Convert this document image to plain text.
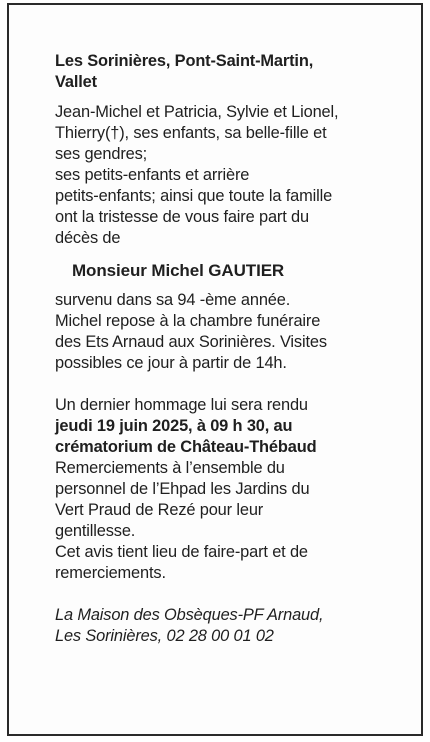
Les Sorinières, Pont-Saint-Martin,
Vallet

Jean-Michel et Patricia, Sylvie et Lionel,
Thierry(†), ses enfants, sa belle-fille et
ses gendres;
ses petits-enfants et arrière
petits-enfants; ainsi que toute la famille
ont la tristesse de vous faire part du
décès de

Monsieur Michel GAUTIER

survenu dans sa 94 -ème année.
Michel repose à la chambre funéraire
des Ets Arnaud aux Sorinières. Visites
possibles ce jour à partir de 14h.

Un dernier hommage lui sera rendu
jeudi 19 juin 2025, à 09 h 30, au
crématorium de Château-Thébaud
Remerciements à l’ensemble du
personnel de l’Ehpad les Jardins du
Vert Praud de Rezé pour leur
gentillesse.
Cet avis tient lieu de faire-part et de
remerciements.

La Maison des Obsèques-PF Arnaud,
Les Sorinières, 02 28 00 01 02
